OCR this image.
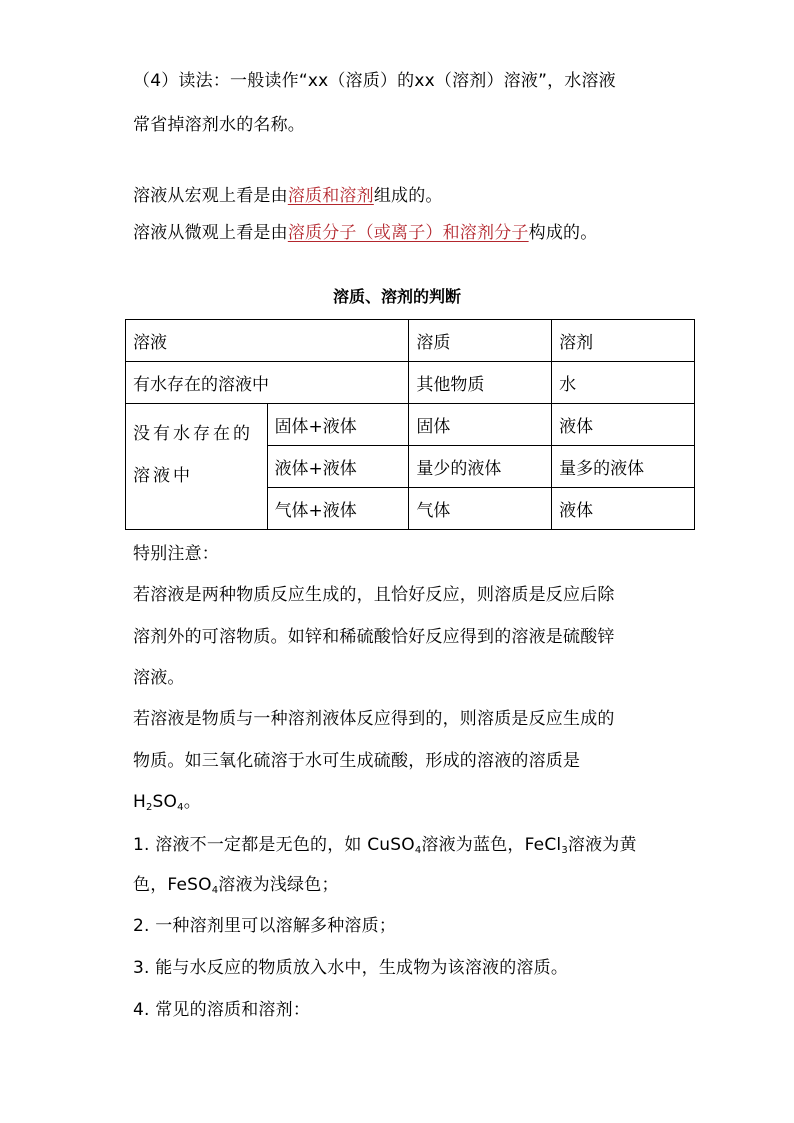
（4）读法：一般读作“xx（溶质）的xx（溶剂）溶液”，水溶液
常省掉溶剂水的名称。
溶液从宏观上看是由溶质和溶剂组成的。
溶液从微观上看是由溶质分子（或离子）和溶剂分子构成的。
溶质、溶剂的判断
溶液		溶质	溶剂
有水存在的溶液中		其他物质	水
没有水存在的溶液中	固体+液体	固体	液体
	液体+液体	量少的液体	量多的液体
	气体+液体	气体	液体
特别注意：
若溶液是两种物质反应生成的，且恰好反应，则溶质是反应后除
溶剂外的可溶物质。如锌和稀硫酸恰好反应得到的溶液是硫酸锌
溶液。
若溶液是物质与一种溶剂液体反应得到的，则溶质是反应生成的
物质。如三氧化硫溶于水可生成硫酸，形成的溶液的溶质是
$H_2SO_4$。
1. 溶液不一定都是无色的，如 CuSO$_4$溶液为蓝色，FeCl$_3$溶液为黄
色，FeSO$_4$溶液为浅绿色；
2. 一种溶剂里可以溶解多种溶质；
3. 能与水反应的物质放入水中，生成物为该溶液的溶质。
4. 常见的溶质和溶剂：
